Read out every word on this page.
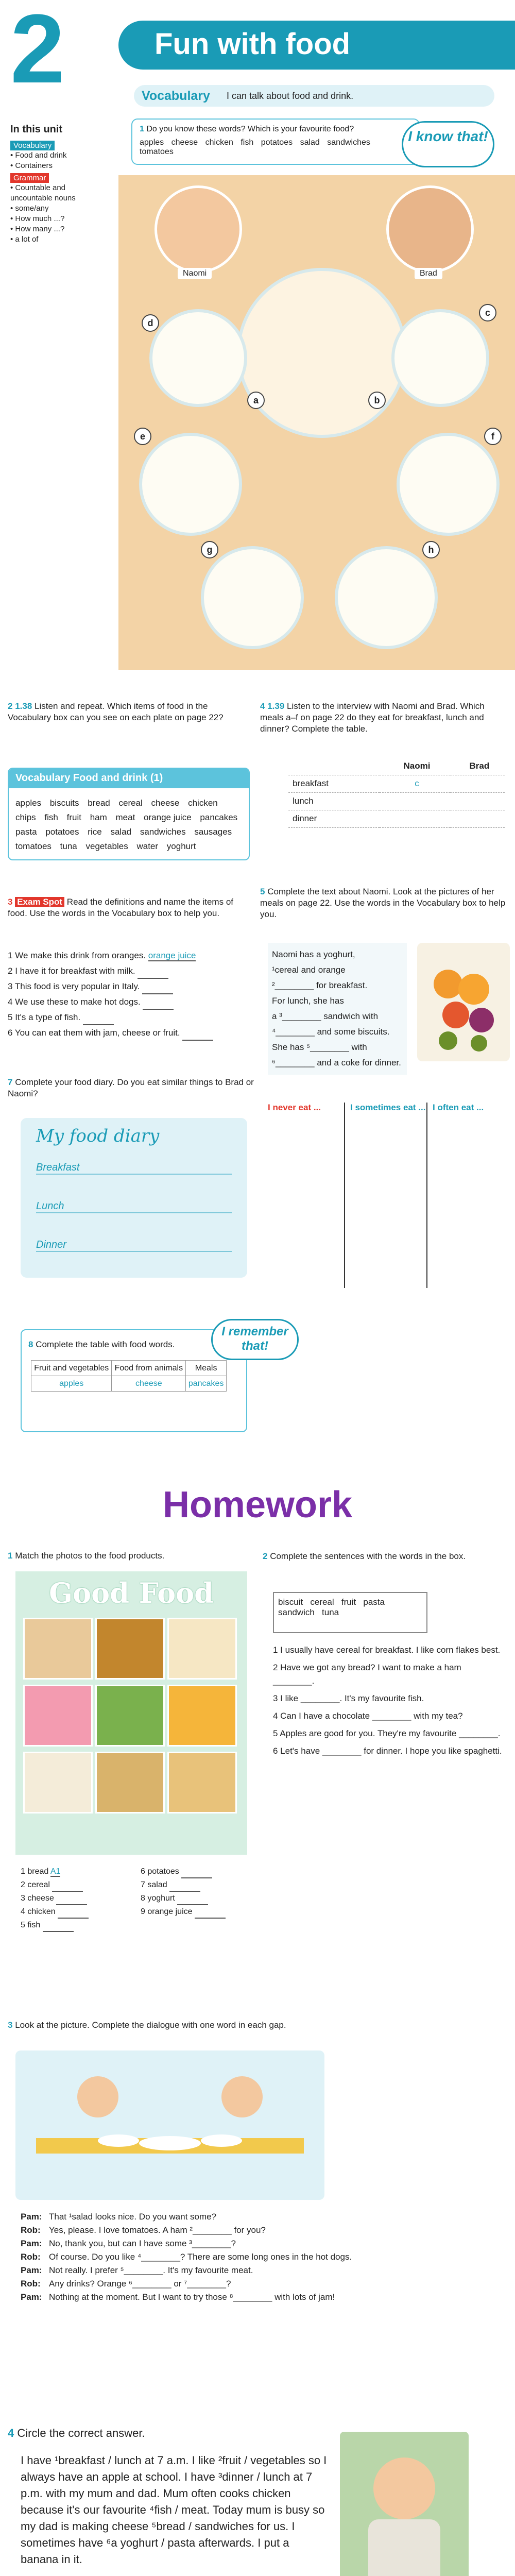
2	Fun with food
Vocabulary I can talk about food and drink.
In this unit
Vocabulary
• Food and drink
• Containers
Grammar
• Countable and
uncountable nouns
• some/any
• How much ...?
• How many ...?
• a lot of
1 Do you know these words? Which is your favourite food?
apples cheese chicken fish potatoes salad sandwiches tomatoes
I know that!
Naomi	Brad
a	b
c
d
e	f
g	h
2 1.38 Listen and repeat. Which items of food in the Vocabulary box can you see on each plate on page 22?
Vocabulary Food and drink (1)
apples biscuits bread cereal cheese chicken chips fish fruit ham meat orange juice pancakes pasta potatoes rice salad sandwiches sausages tomatoes tuna vegetables water yoghurt
3 Exam Spot Read the definitions and name the items of food. Use the words in the Vocabulary box to help you.
1 We make this drink from oranges. orange juice
2 I have it for breakfast with milk.
3 This food is very popular in Italy.
4 We use these to make hot dogs.
5 It's a type of fish.
6 You can eat them with jam, cheese or fruit.
4 1.39 Listen to the interview with Naomi and Brad. Which meals a–f on page 22 do they eat for breakfast, lunch and dinner? Complete the table.
	Naomi	Brad
breakfast	c	
lunch		
dinner		
5 Complete the text about Naomi. Look at the pictures of her meals on page 22. Use the words in the Vocabulary box to help you.
Naomi has a yoghurt,
¹cereal and orange
²________ for breakfast.
For lunch, she has
a ³________ sandwich with
⁴________ and some biscuits.
She has ⁵________ with
⁶________ and a coke for dinner.
I never eat ...	I sometimes eat ... I often eat ...
7 Complete your food diary. Do you eat similar things to Brad or Naomi?
My food diary
Breakfast
Lunch
Dinner
8 Complete the table with food words.
I remember that!
Fruit and vegetables	Food from animals	Meals
apples	cheese	pancakes
Homework
1 Match the photos to the food products.
Good Food
1 bread A1
2 cereal
3 cheese
4 chicken
5 fish
6 potatoes
7 salad
8 yoghurt
9 orange juice
2 Complete the sentences with the words in the box.
biscuit cereal fruit pasta
sandwich tuna
1 I usually have cereal for breakfast. I like corn flakes best.
2 Have we got any bread? I want to make a ham ________.
3 I like ________. It's my favourite fish.
4 Can I have a chocolate ________ with my tea?
5 Apples are good for you. They're my favourite ________.
6 Let's have ________ for dinner. I hope you like spaghetti.
3 Look at the picture. Complete the dialogue with one word in each gap.
Pam: That ¹salad looks nice. Do you want some?
Rob: Yes, please. I love tomatoes. A ham ²________ for you?
Pam: No, thank you, but can I have some ³________?
Rob: Of course. Do you like ⁴________? There are some long ones in the hot dogs.
Pam: Not really. I prefer ⁵________. It's my favourite meat.
Rob: Any drinks? Orange ⁶________ or ⁷________?
Pam: Nothing at the moment. But I want to try those ⁸________ with lots of jam!
4 Circle the correct answer.
I have ¹breakfast / lunch at 7 a.m. I like ²fruit / vegetables so I always have an apple at school. I have ³dinner / lunch at 7 p.m. with my mum and dad. Mum often cooks chicken because it's our favourite ⁴fish / meat. Today mum is busy so my dad is making cheese ⁵bread / sandwiches for us. I sometimes have ⁶a yoghurt / pasta afterwards. I put a banana in it.
